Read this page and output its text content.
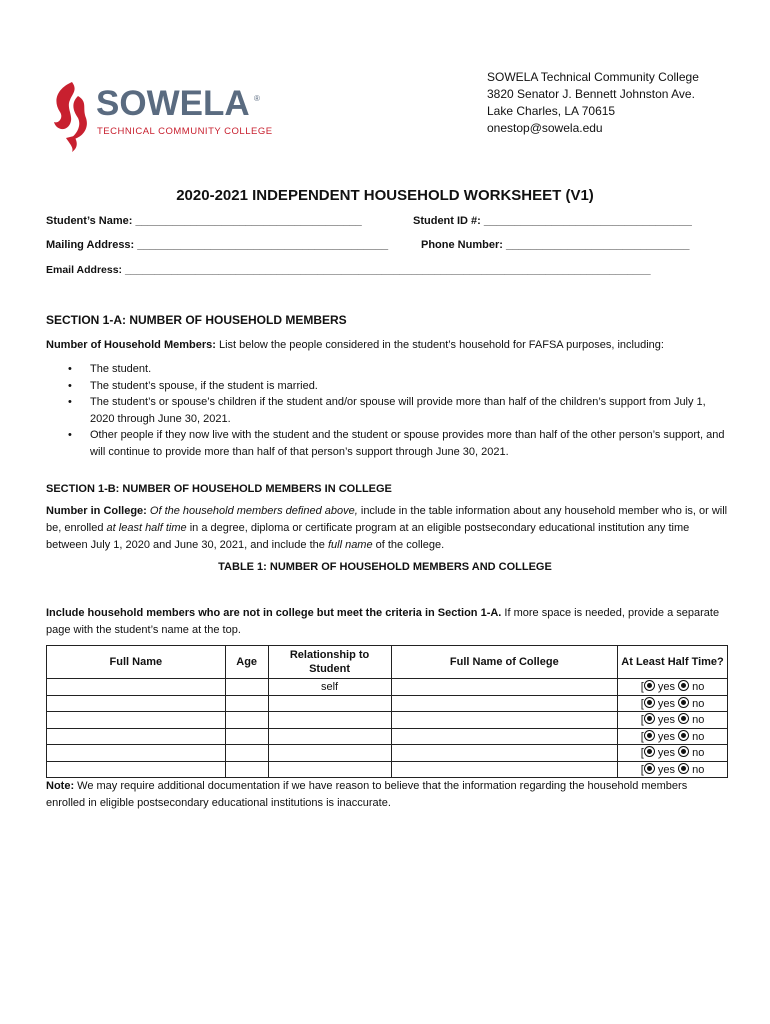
SOWELA ®
TECHNICAL COMMUNITY COLLEGE
SOWELA Technical Community College
3820 Senator J. Bennett Johnston Ave.
Lake Charles, LA 70615
onestop@sowela.edu
2020-2021 INDEPENDENT HOUSEHOLD WORKSHEET (V1)
Student’s Name: _____________________________________	Student ID #: __________________________________
Mailing Address: _________________________________________	Phone Number: ______________________________
Email Address: __________________________________________________________________________________________
SECTION 1-A: NUMBER OF HOUSEHOLD MEMBERS
Number of Household Members: List below the people considered in the student’s household for FAFSA purposes, including:
• The student.
• The student’s spouse, if the student is married.
• The student’s or spouse’s children if the student and/or spouse will provide more than half of the children’s support from July 1, 2020 through June 30, 2021.
• Other people if they now live with the student and the student or spouse provides more than half of the other person’s support, and will continue to provide more than half of that person’s support through June 30, 2021.
SECTION 1-B: NUMBER OF HOUSEHOLD MEMBERS IN COLLEGE
Number in College: Of the household members defined above, include in the table information about any household member who is, or will be, enrolled at least half time in a degree, diploma or certificate program at an eligible postsecondary educational institution any time between July 1, 2020 and June 30, 2021, and include the full name of the college.
TABLE 1: NUMBER OF HOUSEHOLD MEMBERS AND COLLEGE
Include household members who are not in college but meet the criteria in Section 1-A. If more space is needed, provide a separate page with the student’s name at the top.
Full Name	Age	Relationship to Student	Full Name of College	At Least Half Time?
		self		[ yes no
				[ yes no
				[ yes no
				[ yes no
				[ yes no
				[ yes no
Note: We may require additional documentation if we have reason to believe that the information regarding the household members enrolled in eligible postsecondary educational institutions is inaccurate.
